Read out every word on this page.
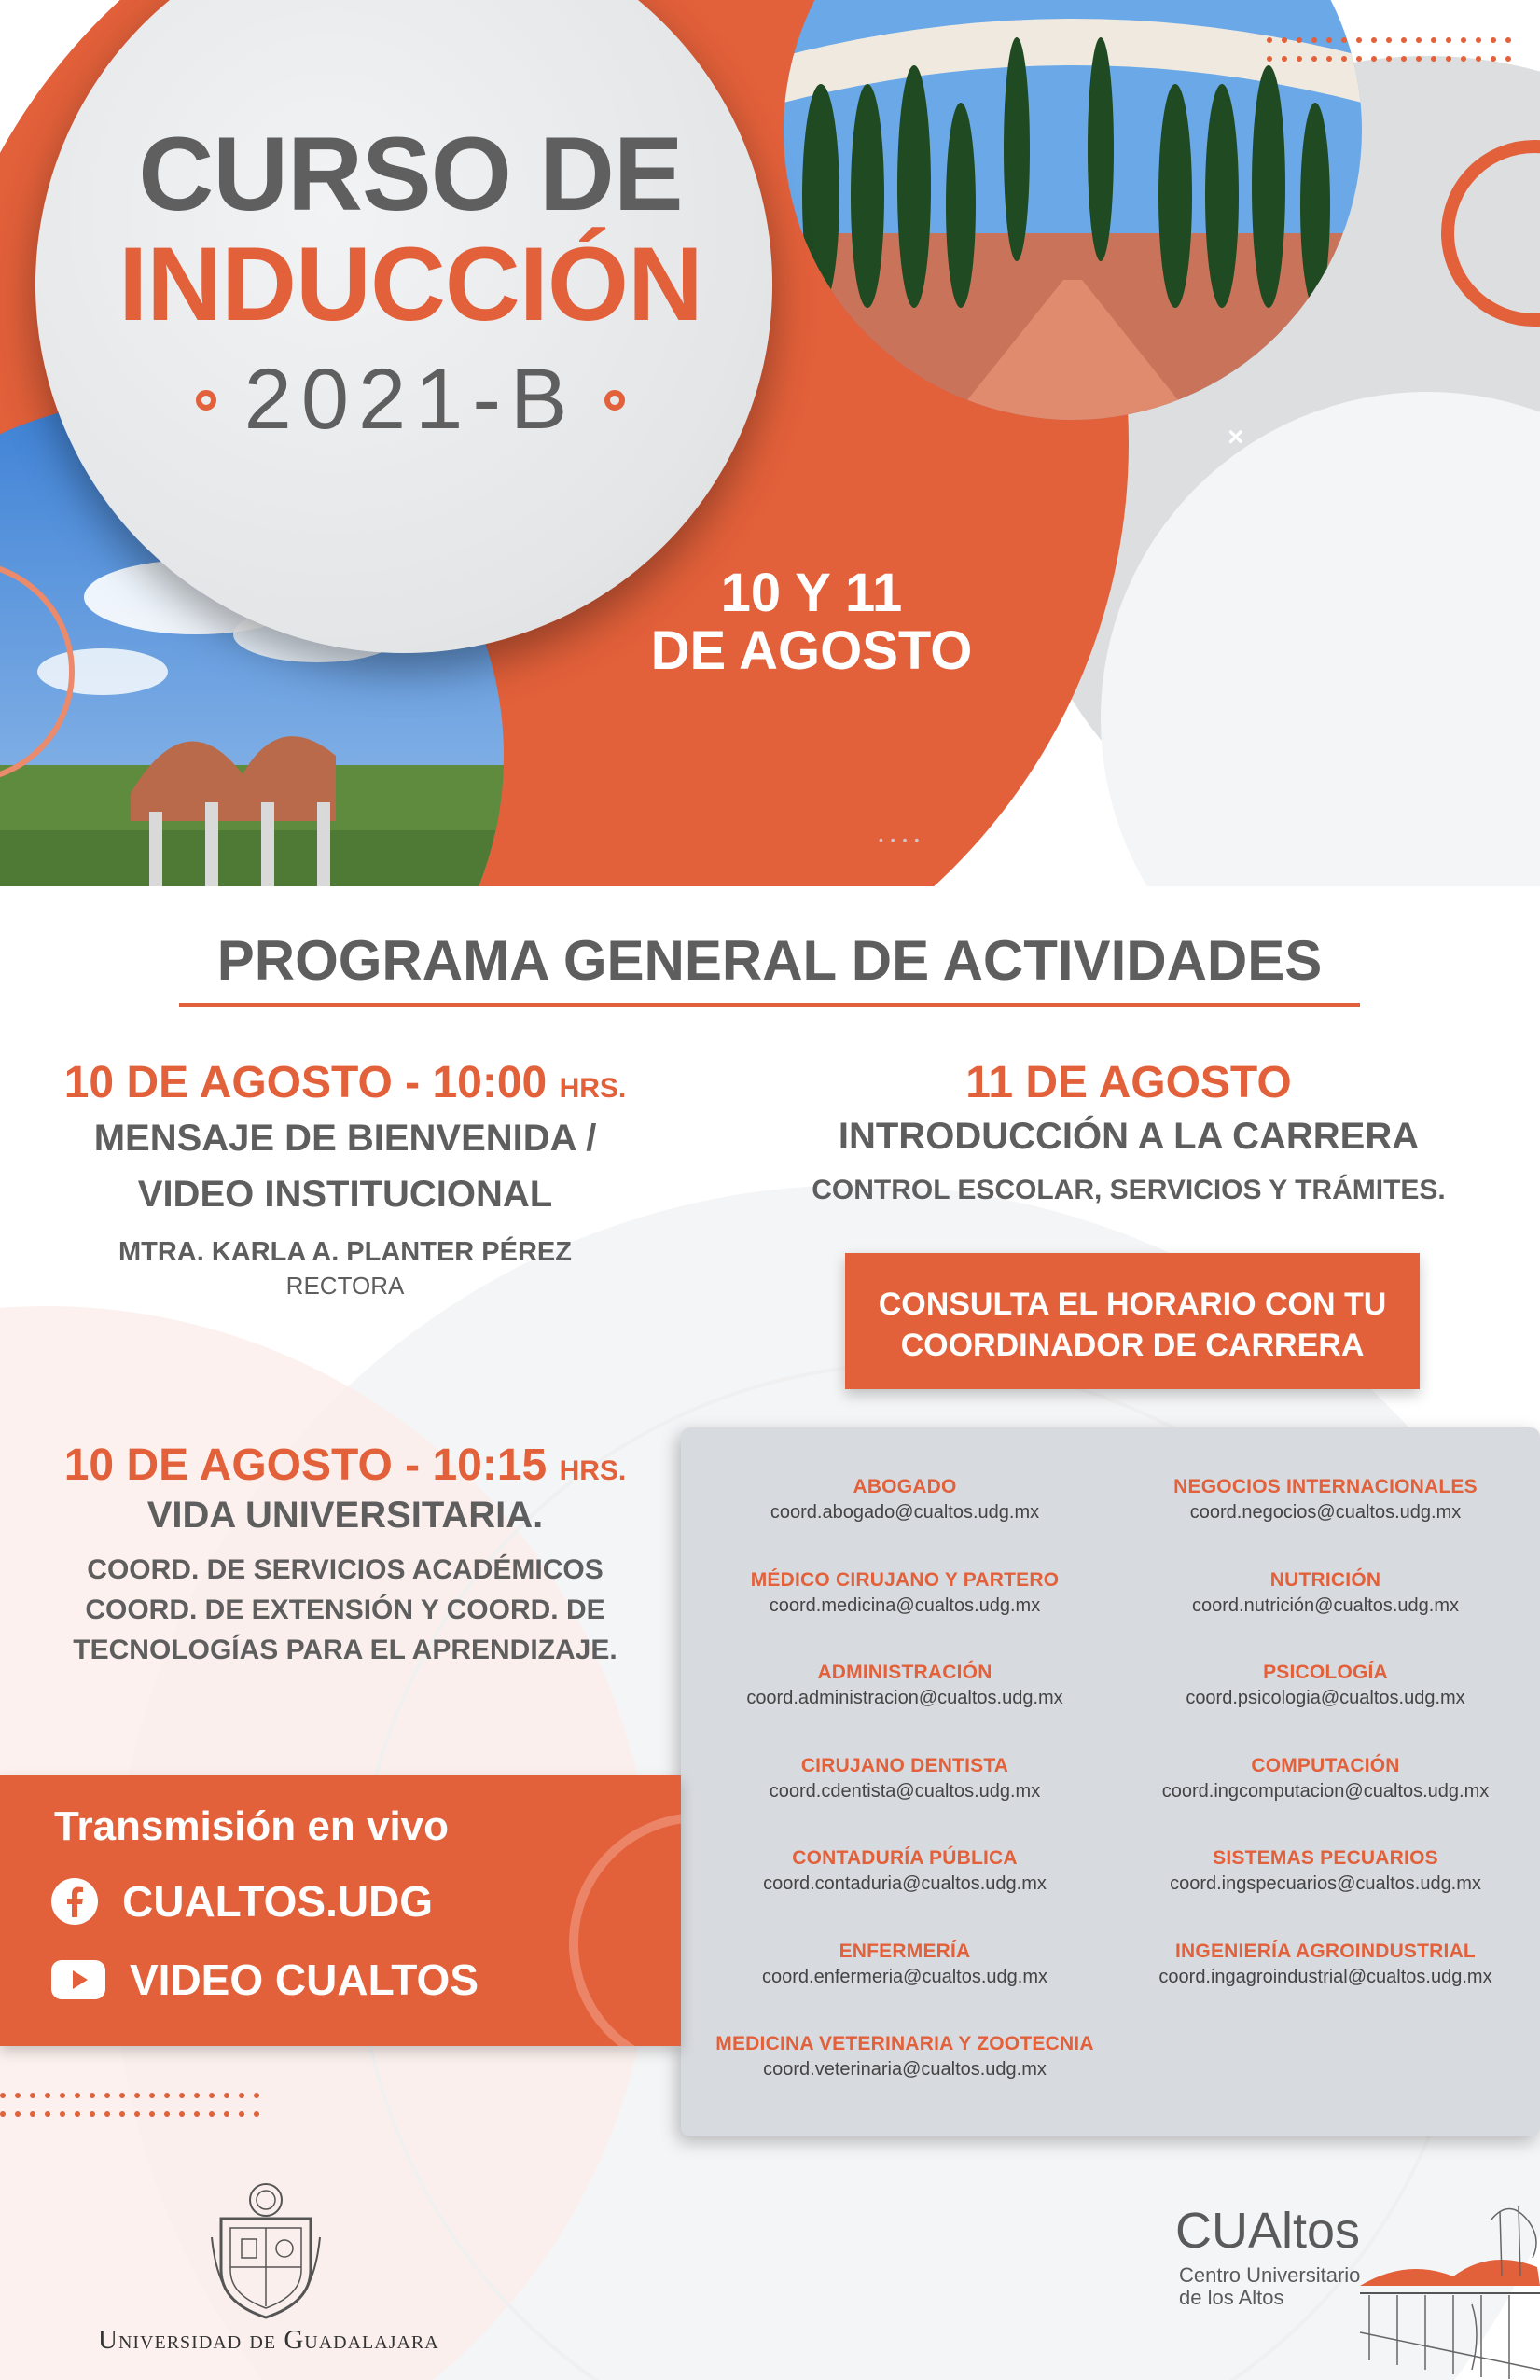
×
• • • •
CURSO DE
INDUCCIÓN
2021-B
10 Y 11
DE AGOSTO
PROGRAMA GENERAL DE ACTIVIDADES
10 DE AGOSTO - 10:00 HRS.
MENSAJE DE BIENVENIDA /
VIDEO INSTITUCIONAL
MTRA. KARLA A. PLANTER PÉREZ
RECTORA
11 DE AGOSTO
INTRODUCCIÓN A LA CARRERA
CONTROL ESCOLAR, SERVICIOS Y TRÁMITES.
CONSULTA EL HORARIO CON TU
COORDINADOR DE CARRERA
10 DE AGOSTO - 10:15 HRS.
VIDA UNIVERSITARIA.
COORD. DE SERVICIOS ACADÉMICOS
COORD. DE EXTENSIÓN Y COORD. DE
TECNOLOGÍAS PARA EL APRENDIZAJE.
ABOGADO
coord.abogado@cualtos.udg.mx
MÉDICO CIRUJANO Y PARTERO
coord.medicina@cualtos.udg.mx
ADMINISTRACIÓN
coord.administracion@cualtos.udg.mx
CIRUJANO DENTISTA
coord.cdentista@cualtos.udg.mx
CONTADURÍA PÚBLICA
coord.contaduria@cualtos.udg.mx
ENFERMERÍA
coord.enfermeria@cualtos.udg.mx
MEDICINA VETERINARIA Y ZOOTECNIA
coord.veterinaria@cualtos.udg.mx
NEGOCIOS INTERNACIONALES
coord.negocios@cualtos.udg.mx
NUTRICIÓN
coord.nutrición@cualtos.udg.mx
PSICOLOGÍA
coord.psicologia@cualtos.udg.mx
COMPUTACIÓN
coord.ingcomputacion@cualtos.udg.mx
SISTEMAS PECUARIOS
coord.ingspecuarios@cualtos.udg.mx
INGENIERÍA AGROINDUSTRIAL
coord.ingagroindustrial@cualtos.udg.mx
Transmisión en vivo
CUALTOS.UDG
VIDEO CUALTOS
Universidad de Guadalajara
CUAltos
Centro Universitario
de los Altos
